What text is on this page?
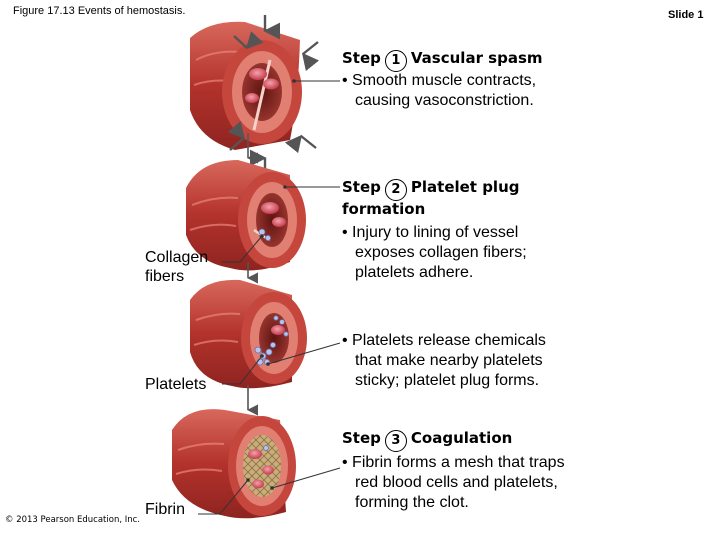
Figure 17.13 Events of hemostasis.	Slide 1
© 2013 Pearson Education, Inc.
Step 1 Vascular spasm
• Smooth muscle contracts,
causing vasoconstriction.
Step 2 Platelet plug
formation
• Injury to lining of vessel
exposes collagen fibers;
platelets adhere.
• Platelets release chemicals
that make nearby platelets
sticky; platelet plug forms.
Step 3 Coagulation
• Fibrin forms a mesh that traps
red blood cells and platelets,
forming the clot.
Collagen
fibers
Platelets
Fibrin
